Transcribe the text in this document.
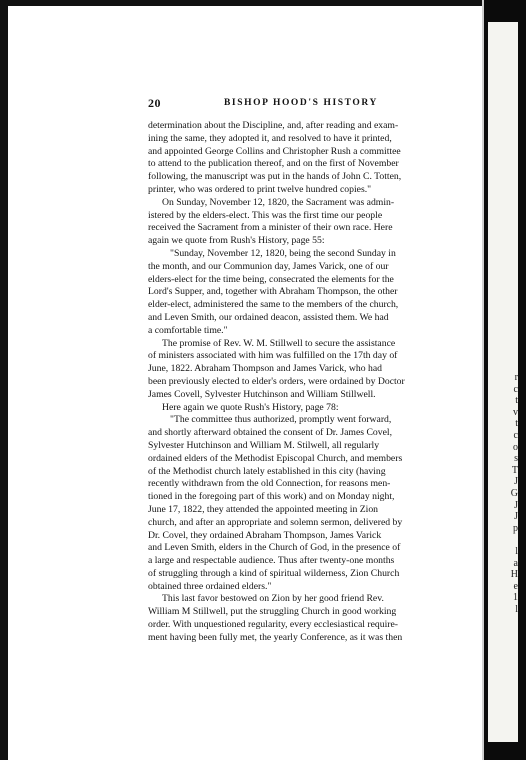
r
c
t
v
t
c
o
s
T
J
G
J
J
p
l
a
H
e
1
l
20	BISHOP HOOD'S HISTORY
determination about the Discipline, and, after reading and exam-
ining the same, they adopted it, and resolved to have it printed,
and appointed George Collins and Christopher Rush a committee
to attend to the publication thereof, and on the first of November
following, the manuscript was put in the hands of John C. Totten,
printer, who was ordered to print twelve hundred copies."
On Sunday, November 12, 1820, the Sacrament was admin-
istered by the elders-elect. This was the first time our people
received the Sacrament from a minister of their own race. Here
again we quote from Rush's History, page 55:
"Sunday, November 12, 1820, being the second Sunday in
the month, and our Communion day, James Varick, one of our
elders-elect for the time being, consecrated the elements for the
Lord's Supper, and, together with Abraham Thompson, the other
elder-elect, administered the same to the members of the church,
and Leven Smith, our ordained deacon, assisted them. We had
a comfortable time."
The promise of Rev. W. M. Stillwell to secure the assistance
of ministers associated with him was fulfilled on the 17th day of
June, 1822. Abraham Thompson and James Varick, who had
been previously elected to elder's orders, were ordained by Doctor
James Covell, Sylvester Hutchinson and William Stillwell.
Here again we quote Rush's History, page 78:
"The committee thus authorized, promptly went forward,
and shortly afterward obtained the consent of Dr. James Covel,
Sylvester Hutchinson and William M. Stilwell, all regularly
ordained elders of the Methodist Episcopal Church, and members
of the Methodist church lately established in this city (having
recently withdrawn from the old Connection, for reasons men-
tioned in the foregoing part of this work) and on Monday night,
June 17, 1822, they attended the appointed meeting in Zion
church, and after an appropriate and solemn sermon, delivered by
Dr. Covel, they ordained Abraham Thompson, James Varick
and Leven Smith, elders in the Church of God, in the presence of
a large and respectable audience. Thus after twenty-one months
of struggling through a kind of spiritual wilderness, Zion Church
obtained three ordained elders."
This last favor bestowed on Zion by her good friend Rev.
William M Stillwell, put the struggling Church in good working
order. With unquestioned regularity, every ecclesiastical require-
ment having been fully met, the yearly Conference, as it was then
